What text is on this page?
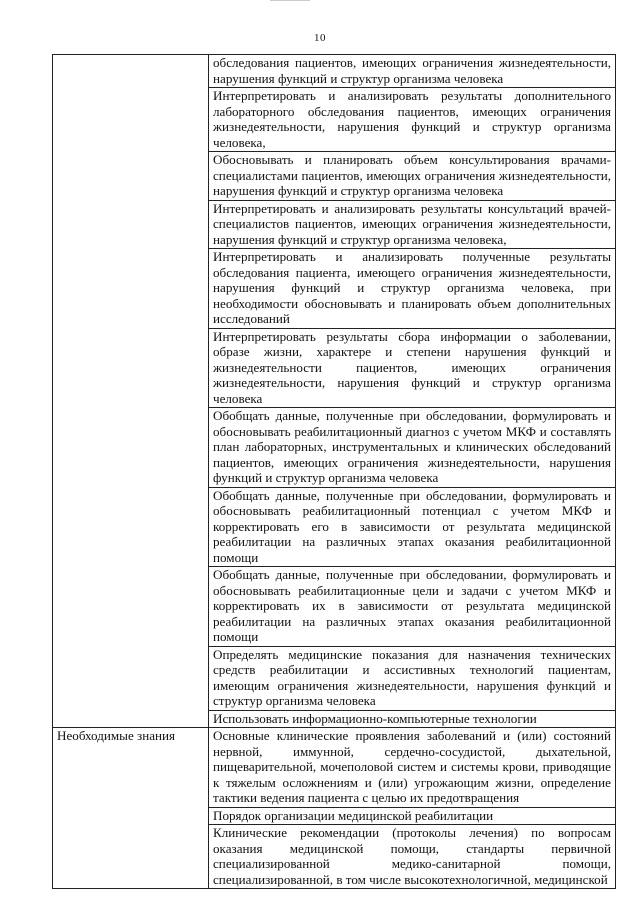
10

	обследования пациентов, имеющих ограничения жизнедеятельности, нарушения функций и структур организма человека

	Интерпретировать и анализировать результаты дополнительного лабораторного обследования пациентов, имеющих ограничения жизнедеятельности, нарушения функций и структур организма человека,

	Обосновывать и планировать объем консультирования врачами-специалистами пациентов, имеющих ограничения жизнедеятельности, нарушения функций и структур организма человека

	Интерпретировать и анализировать результаты консультаций врачей-специалистов пациентов, имеющих ограничения жизнедеятельности, нарушения функций и структур организма человека,

	Интерпретировать и анализировать полученные результаты обследования пациента, имеющего ограничения жизнедеятельности, нарушения функций и структур организма человека, при необходимости обосновывать и планировать объем дополнительных исследований

	Интерпретировать результаты сбора информации о заболевании, образе жизни, характере и степени нарушения функций и жизнедеятельности пациентов, имеющих ограничения жизнедеятельности, нарушения функций и структур организма человека

	Обобщать данные, полученные при обследовании, формулировать и обосновывать реабилитационный диагноз с учетом МКФ и составлять план лабораторных, инструментальных и клинических обследований пациентов, имеющих ограничения жизнедеятельности, нарушения функций и структур организма человека

	Обобщать данные, полученные при обследовании, формулировать и обосновывать реабилитационный потенциал с учетом МКФ и корректировать его в зависимости от результата медицинской реабилитации на различных этапах оказания реабилитационной помощи

	Обобщать данные, полученные при обследовании, формулировать и обосновывать реабилитационные цели и задачи с учетом МКФ и корректировать их в зависимости от результата медицинской реабилитации на различных этапах оказания реабилитационной помощи

	Определять медицинские показания для назначения технических средств реабилитации и ассистивных технологий пациентам, имеющим ограничения жизнедеятельности, нарушения функций и структур организма человека

	Использовать информационно-компьютерные технологии

Необходимые знания	Основные клинические проявления заболеваний и (или) состояний нервной, иммунной, сердечно-сосудистой, дыхательной, пищеварительной, мочеполовой систем и системы крови, приводящие к тяжелым осложнениям и (или) угрожающим жизни, определение тактики ведения пациента с целью их предотвращения

	Порядок организации медицинской реабилитации

	Клинические рекомендации (протоколы лечения) по вопросам оказания медицинской помощи, стандарты первичной специализированной медико-санитарной помощи, специализированной, в том числе высокотехнологичной, медицинской
